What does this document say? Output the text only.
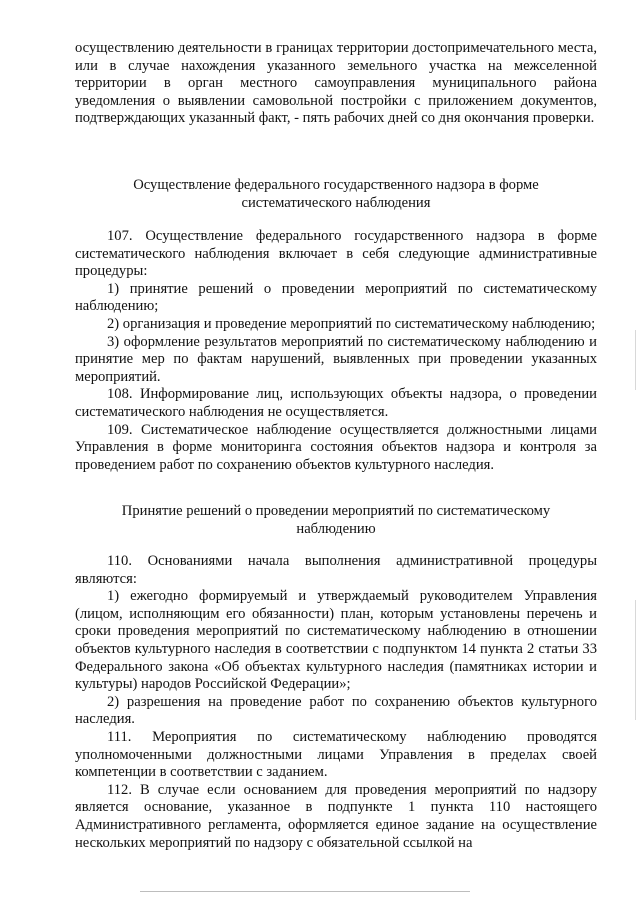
осуществлению деятельности в границах территории достопримечательного места, или в случае нахождения указанного земельного участка на межселенной территории в орган местного самоуправления муниципального района уведомления о выявлении самовольной постройки с приложением документов, подтверждающих указанный факт, - пять рабочих дней со дня окончания проверки.

Осуществление федерального государственного надзора в форме
систематического наблюдения

107. Осуществление федерального государственного надзора в форме систематического наблюдения включает в себя следующие административные процедуры:

1) принятие решений о проведении мероприятий по систематическому наблюдению;

2) организация и проведение мероприятий по систематическому наблюдению;

3) оформление результатов мероприятий по систематическому наблюдению и принятие мер по фактам нарушений, выявленных при проведении указанных мероприятий.

108. Информирование лиц, использующих объекты надзора, о проведении систематического наблюдения не осуществляется.

109. Систематическое наблюдение осуществляется должностными лицами Управления в форме мониторинга состояния объектов надзора и контроля за проведением работ по сохранению объектов культурного наследия.

Принятие решений о проведении мероприятий по систематическому
наблюдению

110. Основаниями начала выполнения административной процедуры являются:

1) ежегодно формируемый и утверждаемый руководителем Управления (лицом, исполняющим его обязанности) план, которым установлены перечень и сроки проведения мероприятий по систематическому наблюдению в отношении объектов культурного наследия в соответствии с подпунктом 14 пункта 2 статьи 33 Федерального закона «Об объектах культурного наследия (памятниках истории и культуры) народов Российской Федерации»;

2) разрешения на проведение работ по сохранению объектов культурного наследия.

111. Мероприятия по систематическому наблюдению проводятся уполномоченными должностными лицами Управления в пределах своей компетенции в соответствии с заданием.

112. В случае если основанием для проведения мероприятий по надзору является основание, указанное в подпункте 1 пункта 110 настоящего Административного регламента, оформляется единое задание на осуществление нескольких мероприятий по надзору с обязательной ссылкой на
